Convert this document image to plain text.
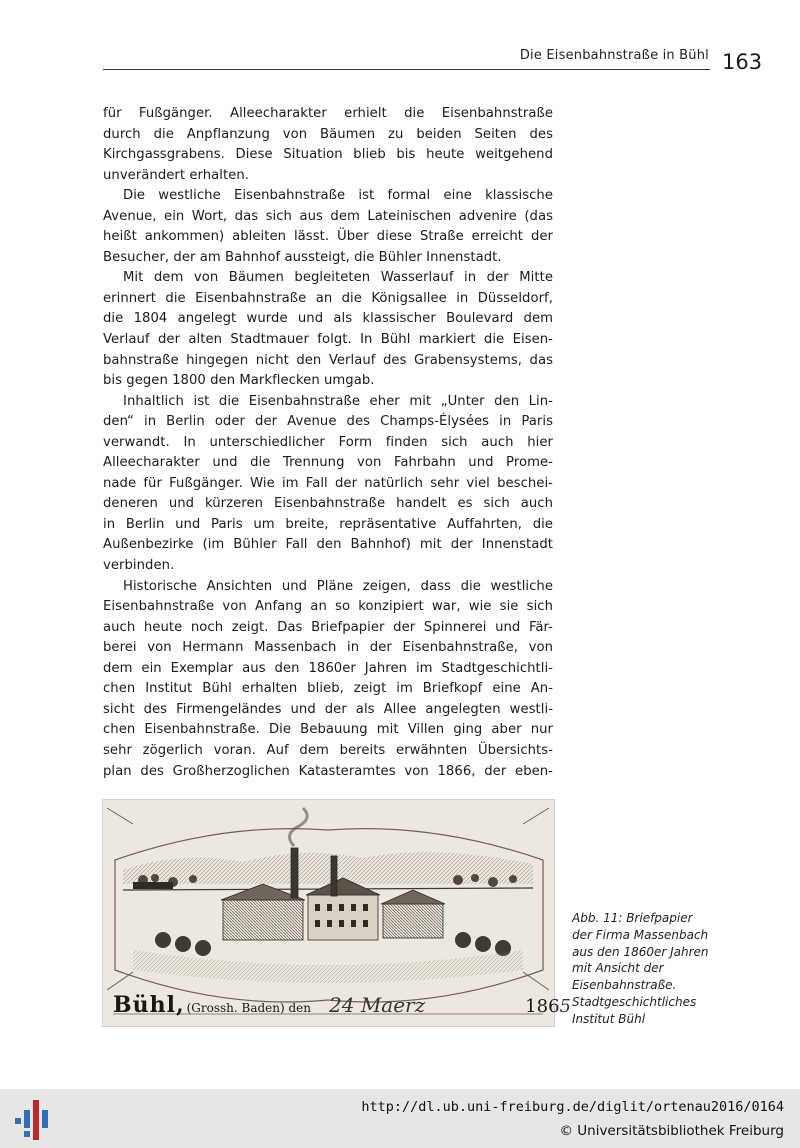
Die Eisenbahnstraße in Bühl 163
für Fußgänger. Alleecharakter erhielt die Eisenbahnstraße
durch die Anpflanzung von Bäumen zu beiden Seiten des
Kirchgassgrabens. Diese Situation blieb bis heute weitgehend
unverändert erhalten.
Die westliche Eisenbahnstraße ist formal eine klassische
Avenue, ein Wort, das sich aus dem Lateinischen advenire (das
heißt ankommen) ableiten lässt. Über diese Straße erreicht der
Besucher, der am Bahnhof aussteigt, die Bühler Innenstadt.
Mit dem von Bäumen begleiteten Wasserlauf in der Mitte
erinnert die Eisenbahnstraße an die Königsallee in Düsseldorf,
die 1804 angelegt wurde und als klassischer Boulevard dem
Verlauf der alten Stadtmauer folgt. In Bühl markiert die Eisen-
bahnstraße hingegen nicht den Verlauf des Grabensystems, das
bis gegen 1800 den Markflecken umgab.
Inhaltlich ist die Eisenbahnstraße eher mit „Unter den Lin-
den“ in Berlin oder der Avenue des Champs-Élysées in Paris
verwandt. In unterschiedlicher Form finden sich auch hier
Alleecharakter und die Trennung von Fahrbahn und Prome-
nade für Fußgänger. Wie im Fall der natürlich sehr viel beschei-
deneren und kürzeren Eisenbahnstraße handelt es sich auch
in Berlin und Paris um breite, repräsentative Auffahrten, die
Außenbezirke (im Bühler Fall den Bahnhof) mit der Innenstadt
verbinden.
Historische Ansichten und Pläne zeigen, dass die westliche
Eisenbahnstraße von Anfang an so konzipiert war, wie sie sich
auch heute noch zeigt. Das Briefpapier der Spinnerei und Fär-
berei von Hermann Massenbach in der Eisenbahnstraße, von
dem ein Exemplar aus den 1860er Jahren im Stadtgeschichtli-
chen Institut Bühl erhalten blieb, zeigt im Briefkopf eine An-
sicht des Firmengeländes und der als Allee angelegten westli-
chen Eisenbahnstraße. Die Bebauung mit Villen ging aber nur
sehr zögerlich voran. Auf dem bereits erwähnten Übersichts-
plan des Großherzoglichen Katasteramtes von 1866, der eben-
Bühl, (Grossh. Baden) den 24 Maerz	1865
Abb. 11: Briefpapier
der Firma Massenbach
aus den 1860er Jahren
mit Ansicht der
Eisenbahnstraße.
Stadtgeschichtliches
Institut Bühl
http://dl.ub.uni-freiburg.de/diglit/ortenau2016/0164
© Universitätsbibliothek Freiburg
